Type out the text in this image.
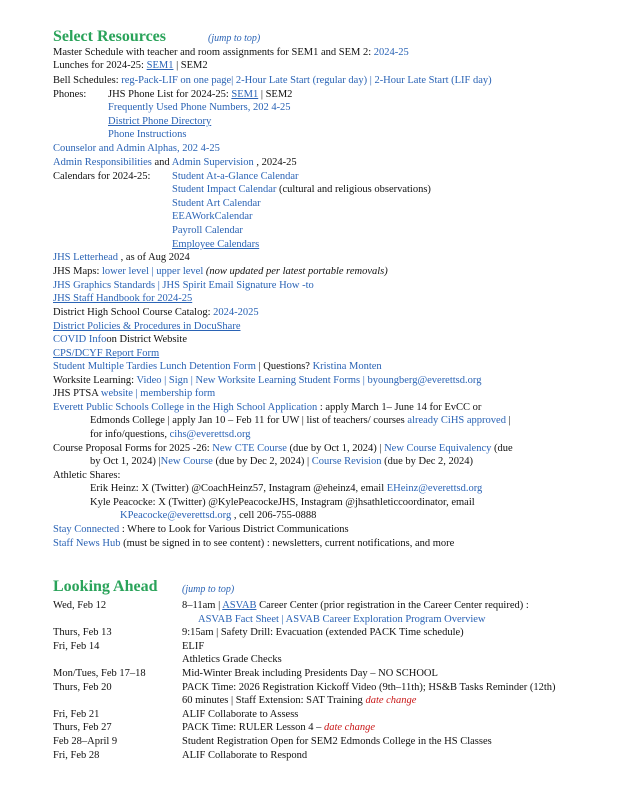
Select Resources	(jump to top)
Master Schedule with teacher and room assignments for SEM1 and SEM 2: 2024-25
Lunches for 2024-25: SEM1 | SEM2
Bell Schedules: reg-Pack-LIF on one page| 2-Hour Late Start (regular day) | 2-Hour Late Start (LIF day)
Phones: JHS Phone List for 2024-25: SEM1 | SEM2
Frequently Used Phone Numbers, 202 4-25
District Phone Directory
Phone Instructions
Counselor and Admin Alphas, 202 4-25
Admin Responsibilities and Admin Supervision , 2024-25
Calendars for 2024-25: Student At-a-Glance Calendar
Student Impact Calendar (cultural and religious observations)
Student Art Calendar
EEAWorkCalendar
Payroll Calendar
Employee Calendars
JHS Letterhead , as of Aug 2024
JHS Maps: lower level | upper level (now updated per latest portable removals)
JHS Graphics Standards | JHS Spirit Email Signature How -to
JHS Staff Handbook for 2024-25
District High School Course Catalog: 2024-2025
District Policies & Procedures in DocuShare
COVID Infoon District Website
CPS/DCYF Report Form
Student Multiple Tardies Lunch Detention Form | Questions? Kristina Monten
Worksite Learning: Video | Sign | New Worksite Learning Student Forms | byoungberg@everettsd.org
JHS PTSA website | membership form
Everett Public Schools College in the High School Application : apply March 1– June 14 for EvCC or
Edmonds College | apply Jan 10 – Feb 11 for UW | list of teachers/ courses already CiHS approved |
for info/questions, cihs@everettsd.org
Course Proposal Forms for 2025 -26: New CTE Course (due by Oct 1, 2024) | New Course Equivalency (due
by Oct 1, 2024) |New Course (due by Dec 2, 2024) | Course Revision (due by Dec 2, 2024)
Athletic Shares:
Erik Heinz: X (Twitter) @CoachHeinz57, Instagram @eheinz4, email EHeinz@everettsd.org
Kyle Peacocke: X (Twitter) @KylePeacockeJHS, Instagram @jhsathleticcoordinator, email
KPeacocke@everettsd.org , cell 206-755-0888
Stay Connected : Where to Look for Various District Communications
Staff News Hub (must be signed in to see content) : newsletters, current notifications, and more
Looking Ahead (jump to top)
Wed, Feb 12	8–11am | ASVAB Career Center (prior registration in the Career Center required) :
ASVAB Fact Sheet | ASVAB Career Exploration Program Overview
Thurs, Feb 13	9:15am | Safety Drill: Evacuation (extended PACK Time schedule)
Fri, Feb 14	ELIF
Athletics Grade Checks
Mon/Tues, Feb 17–18	Mid-Winter Break including Presidents Day – NO SCHOOL
Thurs, Feb 20	PACK Time: 2026 Registration Kickoff Video (9th–11th); HS&B Tasks Reminder (12th)
60 minutes | Staff Extension: SAT Training date change
Fri, Feb 21	ALIF Collaborate to Assess
Thurs, Feb 27	PACK Time: RULER Lesson 4 – date change
Feb 28–April 9	Student Registration Open for SEM2 Edmonds College in the HS Classes
Fri, Feb 28	ALIF Collaborate to Respond
